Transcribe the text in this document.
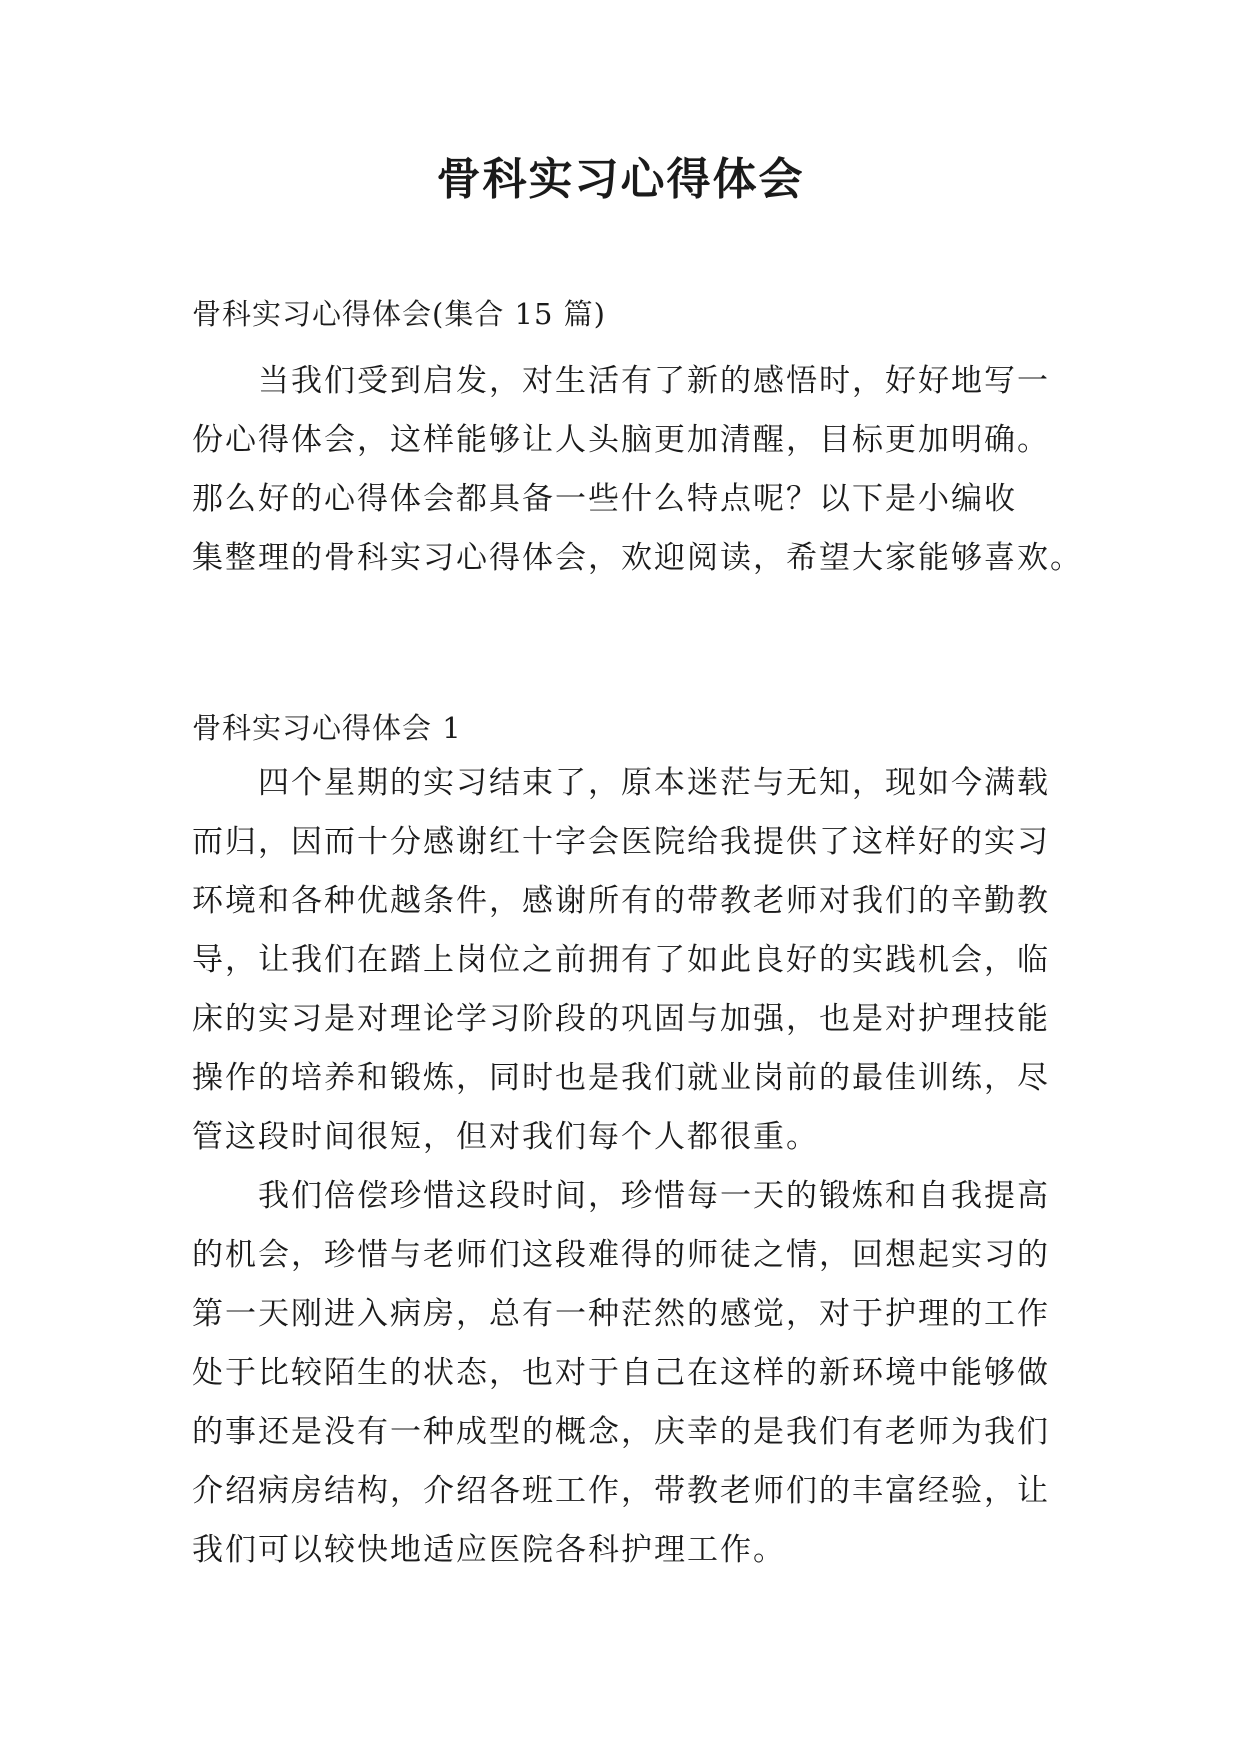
骨科实习心得体会

骨科实习心得体会(集合 15 篇)

当我们受到启发，对生活有了新的感悟时，好好地写一
份心得体会，这样能够让人头脑更加清醒，目标更加明确。
那么好的心得体会都具备一些什么特点呢？以下是小编收
集整理的骨科实习心得体会，欢迎阅读，希望大家能够喜欢。

骨科实习心得体会 1

四个星期的实习结束了，原本迷茫与无知，现如今满载
而归，因而十分感谢红十字会医院给我提供了这样好的实习
环境和各种优越条件，感谢所有的带教老师对我们的辛勤教
导，让我们在踏上岗位之前拥有了如此良好的实践机会，临
床的实习是对理论学习阶段的巩固与加强，也是对护理技能
操作的培养和锻炼，同时也是我们就业岗前的最佳训练，尽
管这段时间很短，但对我们每个人都很重。
我们倍偿珍惜这段时间，珍惜每一天的锻炼和自我提高
的机会，珍惜与老师们这段难得的师徒之情，回想起实习的
第一天刚进入病房，总有一种茫然的感觉，对于护理的工作
处于比较陌生的状态，也对于自己在这样的新环境中能够做
的事还是没有一种成型的概念，庆幸的是我们有老师为我们
介绍病房结构，介绍各班工作，带教老师们的丰富经验，让
我们可以较快地适应医院各科护理工作。
